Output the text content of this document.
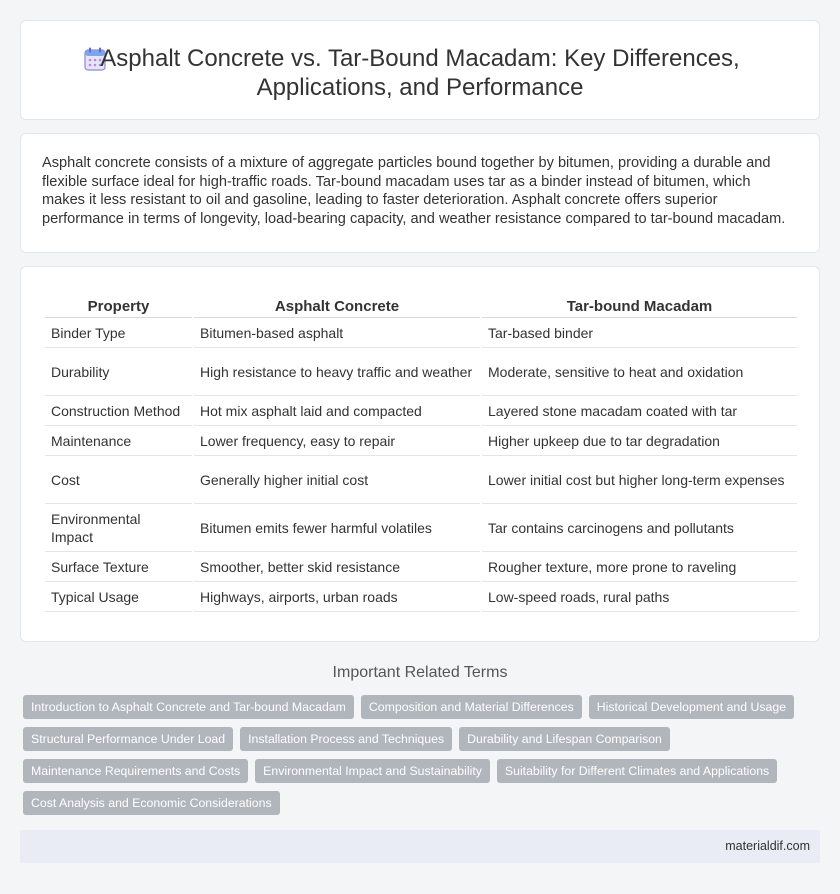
Asphalt Concrete vs. Tar-Bound Macadam: Key Differences, Applications, and Performance

Asphalt concrete consists of a mixture of aggregate particles bound together by bitumen, providing a durable and flexible surface ideal for high-traffic roads. Tar-bound macadam uses tar as a binder instead of bitumen, which makes it less resistant to oil and gasoline, leading to faster deterioration. Asphalt concrete offers superior performance in terms of longevity, load-bearing capacity, and weather resistance compared to tar-bound macadam.

Property	Asphalt Concrete	Tar-bound Macadam
Binder Type	Bitumen-based asphalt	Tar-based binder
Durability	High resistance to heavy traffic and weather	Moderate, sensitive to heat and oxidation
Construction Method	Hot mix asphalt laid and compacted	Layered stone macadam coated with tar
Maintenance	Lower frequency, easy to repair	Higher upkeep due to tar degradation
Cost	Generally higher initial cost	Lower initial cost but higher long-term expenses
Environmental Impact	Bitumen emits fewer harmful volatiles	Tar contains carcinogens and pollutants
Surface Texture	Smoother, better skid resistance	Rougher texture, more prone to raveling
Typical Usage	Highways, airports, urban roads	Low-speed roads, rural paths
Important Related Terms
Introduction to Asphalt Concrete and Tar-bound Macadam	Composition and Material Differences	Historical Development and Usage
Structural Performance Under Load	Installation Process and Techniques	Durability and Lifespan Comparison
Maintenance Requirements and Costs	Environmental Impact and Sustainability	Suitability for Different Climates and Applications
Cost Analysis and Economic Considerations
materialdif.com
